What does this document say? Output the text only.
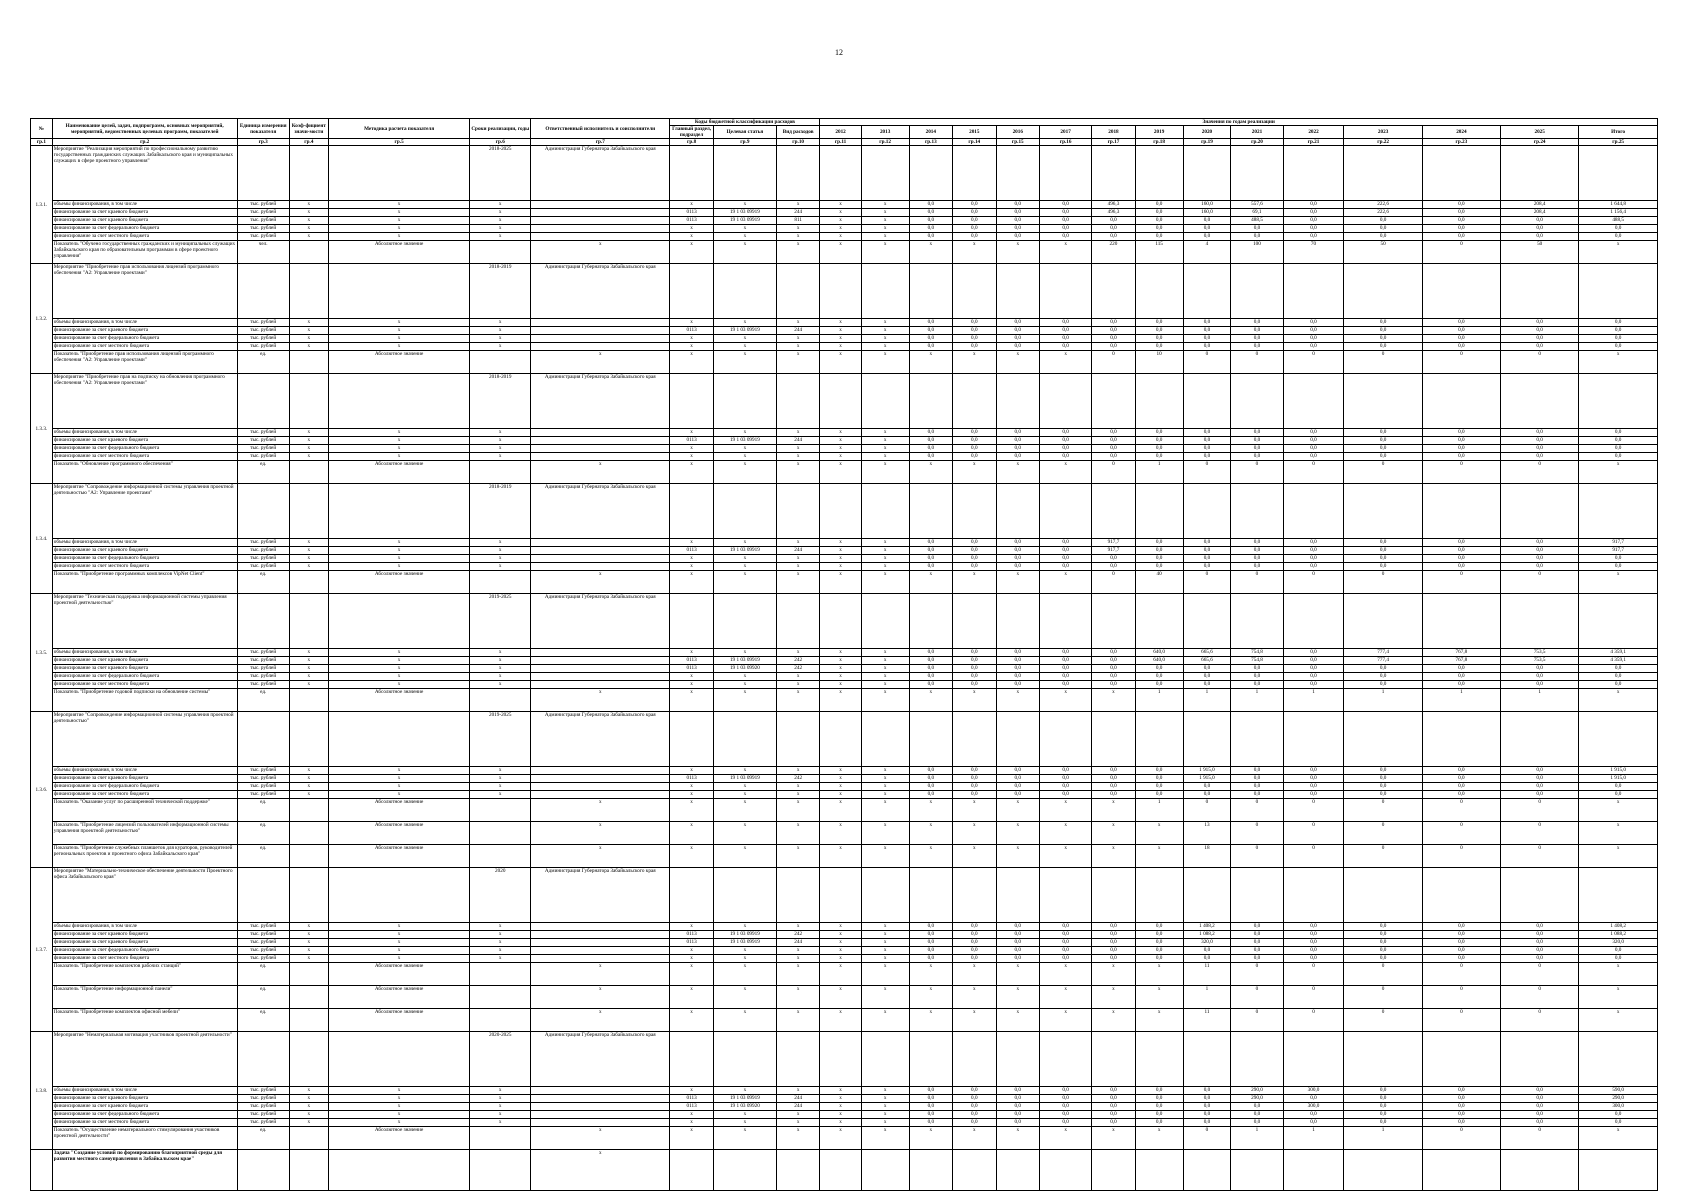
12
№	Наименование целей, задач, подпрограмм, основных мероприятий, мероприятий, ведомственных целевых программ, показателей	Единица измерения показателя	Коэф-фициент значи-мости	Методика расчета показателя	Сроки реализации, годы	Ответственный исполнитель и соисполнители	Коды бюджетной классификации расходов			Значения по годам реализации														
							Главный раздел, подраздел	Целевая статья	Вид расходов	2012	2013	2014	2015	2016	2017	2018	2019	2020	2021	2022	2023	2024	2025	Итого
гр.1	гр.2	гр.3	гр.4	гр.5	гр.6	гр.7	гр.8	гр.9	гр.10	гр.11	гр.12	гр.13	гр.14	гр.15	гр.16	гр.17	гр.18	гр.19	гр.20	гр.21	гр.22	гр.23	гр.24	гр.25
1.3.1.	Мероприятие "Реализация мероприятий по профессиональному развитию государственных гражданских служащих Забайкальского края и муниципальных служащих в сфере проектного управления"				2018-2025	Администрация Губернатора Забайкальского края																		
	объемы финансирования, в том числе	тыс. рублей	х	х	х		х	х	х	х	х	0,0	0,0	0,0	0,0	496,3	0,0	160,0	557,6	0,0	222,6	0,0	208,4	1 644,8
	финансирование за счет краевого бюджета	тыс. рублей	х	х	х		0113	19 1 03 09919	244	х	х	0,0	0,0	0,0	0,0	496,3	0,0	160,0	69,1	0,0	222,6	0,0	208,4	1 156,4
	финансирование за счет краевого бюджета	тыс. рублей	х	х	х		0113	19 1 03 09919	811	х	х	0,0	0,0	0,0	0,0	0,0	0,0	0,0	488,5	0,0	0,0	0,0	0,0	488,5
	финансирование за счет федерального бюджета	тыс. рублей	х	х	х		х	х	х	х	х	0,0	0,0	0,0	0,0	0,0	0,0	0,0	0,0	0,0	0,0	0,0	0,0	0,0
	финансирование за счет местного бюджета	тыс. рублей	х	х	х		х	х	х	х	х	0,0	0,0	0,0	0,0	0,0	0,0	0,0	0,0	0,0	0,0	0,0	0,0	0,0
	Показатель "Обучено государственных гражданских и муниципальных служащих Забайкальского края по образовательным программам в сфере проектного управления"	чел.		Абсолютное значение		х	х	х	х	х	х	х	х	х	х	220	115	4	100	70	50	0	50	х
1.3.2.	Мероприятие "Приобретение прав использования лицензий программного обеспечения "А2: Управление проектами"				2018-2019	Администрация Губернатора Забайкальского края																		
	объемы финансирования, в том числе	тыс. рублей	х	х	х		х	х	х	х	х	0,0	0,0	0,0	0,0	0,0	0,0	0,0	0,0	0,0	0,0	0,0	0,0	0,0
	финансирование за счет краевого бюджета	тыс. рублей	х	х	х		0113	19 1 03 09919	244	х	х	0,0	0,0	0,0	0,0	0,0	0,0	0,0	0,0	0,0	0,0	0,0	0,0	0,0
	финансирование за счет федерального бюджета	тыс. рублей	х	х	х		х	х	х	х	х	0,0	0,0	0,0	0,0	0,0	0,0	0,0	0,0	0,0	0,0	0,0	0,0	0,0
	финансирование за счет местного бюджета	тыс. рублей	х	х	х		х	х	х	х	х	0,0	0,0	0,0	0,0	0,0	0,0	0,0	0,0	0,0	0,0	0,0	0,0	0,0
	Показатель "Приобретение прав использования лицензий программного обеспечения "А2: Управление проектами"	ед.		Абсолютное значение		х	х	х	х	х	х	х	х	х	х	0	10	0	0	0	0	0	0	х
1.3.3.	Мероприятие "Приобретение прав на подписку на обновления программного обеспечения "А2: Управление проектами"				2018-2019	Администрация Губернатора Забайкальского края																		
	объемы финансирования, в том числе	тыс. рублей	х	х	х		х	х	х	х	х	0,0	0,0	0,0	0,0	0,0	0,0	0,0	0,0	0,0	0,0	0,0	0,0	0,0
	финансирование за счет краевого бюджета	тыс. рублей	х	х	х		0113	19 1 03 09919	244	х	х	0,0	0,0	0,0	0,0	0,0	0,0	0,0	0,0	0,0	0,0	0,0	0,0	0,0
	финансирование за счет федерального бюджета	тыс. рублей	х	х	х		х	х	х	х	х	0,0	0,0	0,0	0,0	0,0	0,0	0,0	0,0	0,0	0,0	0,0	0,0	0,0
	финансирование за счет местного бюджета	тыс. рублей	х	х	х		х	х	х	х	х	0,0	0,0	0,0	0,0	0,0	0,0	0,0	0,0	0,0	0,0	0,0	0,0	0,0
	Показатель "Обновление программного обеспечения"	ед.		Абсолютное значение		х	х	х	х	х	х	х	х	х	х	0	1	0	0	0	0	0	0	х
1.3.4.	Мероприятие "Сопровождение информационной системы управления проектной деятельностью "А2: Управление проектами"				2018-2019	Администрация Губернатора Забайкальского края																		
	объемы финансирования, в том числе	тыс. рублей	х	х	х		х	х	х	х	х	0,0	0,0	0,0	0,0	917,7	0,0	0,0	0,0	0,0	0,0	0,0	0,0	917,7
	финансирование за счет краевого бюджета	тыс. рублей	х	х	х		0113	19 1 03 09919	244	х	х	0,0	0,0	0,0	0,0	917,7	0,0	0,0	0,0	0,0	0,0	0,0	0,0	917,7
	финансирование за счет федерального бюджета	тыс. рублей	х	х	х		х	х	х	х	х	0,0	0,0	0,0	0,0	0,0	0,0	0,0	0,0	0,0	0,0	0,0	0,0	0,0
	финансирование за счет местного бюджета	тыс. рублей	х	х	х		х	х	х	х	х	0,0	0,0	0,0	0,0	0,0	0,0	0,0	0,0	0,0	0,0	0,0	0,0	0,0
	Показатель "Приобретение программных комплексов VipNet Client"	ед.		Абсолютное значение		х	х	х	х	х	х	х	х	х	х	0	40	0	0	0	0	0	0	х
1.3.5.	Мероприятие "Техническая поддержка информационной системы управления проектной деятельностью"				2019-2025	Администрация Губернатора Забайкальского края																		
	объемы финансирования, в том числе	тыс. рублей	х	х	х		х	х	х	х	х	0,0	0,0	0,0	0,0	0,0	640,0	665,6	754,8	0,0	777,4	767,8	753,5	4 359,1
	финансирование за счет краевого бюджета	тыс. рублей	х	х	х		0113	19 1 03 09919	242	х	х	0,0	0,0	0,0	0,0	0,0	640,0	665,6	754,8	0,0	777,4	767,8	753,5	4 359,1
	финансирование за счет краевого бюджета	тыс. рублей	х	х	х		0113	19 1 03 09920	242	х	х	0,0	0,0	0,0	0,0	0,0	0,0	0,0	0,0	0,0	0,0	0,0	0,0	0,0
	финансирование за счет федерального бюджета	тыс. рублей	х	х	х		х	х	х	х	х	0,0	0,0	0,0	0,0	0,0	0,0	0,0	0,0	0,0	0,0	0,0	0,0	0,0
	финансирование за счет местного бюджета	тыс. рублей	х	х	х		х	х	х	х	х	0,0	0,0	0,0	0,0	0,0	0,0	0,0	0,0	0,0	0,0	0,0	0,0	0,0
	Показатель "Приобретение годовой подписки на обновление системы"	ед.		Абсолютное значение		х	х	х	х	х	х	х	х	х	х	х	1	1	1	1	1	1	1	х
1.3.6.	Мероприятие "Сопровождение информационной системы управления проектной деятельностью"				2019-2025	Администрация Губернатора Забайкальского края																		
	объемы финансирования, в том числе	тыс. рублей	х	х	х		х	х	х	х	х	0,0	0,0	0,0	0,0	0,0	0,0	1 915,0	0,0	0,0	0,0	0,0	0,0	1 915,0
	финансирование за счет краевого бюджета	тыс. рублей	х	х	х		0113	19 1 03 09919	242	х	х	0,0	0,0	0,0	0,0	0,0	0,0	1 915,0	0,0	0,0	0,0	0,0	0,0	1 915,0
	финансирование за счет федерального бюджета	тыс. рублей	х	х	х		х	х	х	х	х	0,0	0,0	0,0	0,0	0,0	0,0	0,0	0,0	0,0	0,0	0,0	0,0	0,0
	финансирование за счет местного бюджета	тыс. рублей	х	х	х		х	х	х	х	х	0,0	0,0	0,0	0,0	0,0	0,0	0,0	0,0	0,0	0,0	0,0	0,0	0,0
	Показатель "Оказание услуг по расширенной технической поддержке"	ед.		Абсолютное значение		х	х	х	х	х	х	х	х	х	х	х	1	0	0	0	0	0	0	х
	Показатель "Приобретение лицензий пользователей информационной системы управления проектной деятельностью"	ед.		Абсолютное значение		х	х	х	х	х	х	х	х	х	х	х	х	13	0	0	0	0	0	х
	Показатель "Приобретение служебных планшетов для кураторов, руководителей региональных проектов и проектного офиса Забайкальского края"	ед.		Абсолютное значение		х	х	х	х	х	х	х	х	х	х	х	х	18	0	0	0	0	0	х
1.3.7.	Мероприятие "Материально-техническое обеспечение деятельности Проектного офиса Забайкальского края"				2020	Администрация Губернатора Забайкальского края																		
	объемы финансирования, в том числе	тыс. рублей	х	х	х		х	х	х	х	х	0,0	0,0	0,0	0,0	0,0	0,0	1 408,2	0,0	0,0	0,0	0,0	0,0	1 408,2
	финансирование за счет краевого бюджета	тыс. рублей	х	х	х		0113	19 1 03 09919	242	х	х	0,0	0,0	0,0	0,0	0,0	0,0	1 088,2	0,0	0,0	0,0	0,0	0,0	1 088,2
	финансирование за счет краевого бюджета	тыс. рублей	х	х	х		0113	19 1 03 09919	244	х	х	0,0	0,0	0,0	0,0	0,0	0,0	320,0	0,0	0,0	0,0	0,0	0,0	320,0
	финансирование за счет федерального бюджета	тыс. рублей	х	х	х		х	х	х	х	х	0,0	0,0	0,0	0,0	0,0	0,0	0,0	0,0	0,0	0,0	0,0	0,0	0,0
	финансирование за счет местного бюджета	тыс. рублей	х	х	х		х	х	х	х	х	0,0	0,0	0,0	0,0	0,0	0,0	0,0	0,0	0,0	0,0	0,0	0,0	0,0
	Показатель "Приобретение комплектов рабочих станций"	ед.		Абсолютное значение		х	х	х	х	х	х	х	х	х	х	х	х	11	0	0	0	0	0	х
	Показатель "Приобретение информационной панели"	ед.		Абсолютное значение		х	х	х	х	х	х	х	х	х	х	х	х	1	0	0	0	0	0	х
	Показатель "Приобретение комплектов офисной мебели"	ед.		Абсолютное значение		х	х	х	х	х	х	х	х	х	х	х	х	11	0	0	0	0	0	х
1.3.8.	Мероприятие "Нематериальная мотивация участников проектной деятельности"				2020-2025	Администрация Губернатора Забайкальского края																		
	объемы финансирования, в том числе	тыс. рублей	х	х	х		х	х	х	х	х	0,0	0,0	0,0	0,0	0,0	0,0	0,0	290,0	300,0	0,0	0,0	0,0	590,0
	финансирование за счет краевого бюджета	тыс. рублей	х	х	х		0113	19 1 03 09919	244	х	х	0,0	0,0	0,0	0,0	0,0	0,0	0,0	290,0	0,0	0,0	0,0	0,0	290,0
	финансирование за счет краевого бюджета	тыс. рублей	х	х	х		0113	19 1 03 09920	244	х	х	0,0	0,0	0,0	0,0	0,0	0,0	0,0	0,0	300,0	0,0	0,0	0,0	300,0
	финансирование за счет федерального бюджета	тыс. рублей	х	х	х		х	х	х	х	х	0,0	0,0	0,0	0,0	0,0	0,0	0,0	0,0	0,0	0,0	0,0	0,0	0,0
	финансирование за счет местного бюджета	тыс. рублей	х	х	х		х	х	х	х	х	0,0	0,0	0,0	0,0	0,0	0,0	0,0	0,0	0,0	0,0	0,0	0,0	0,0
	Показатель "Осуществление нематериального стимулирования участников проектной деятельности"	ед.		Абсолютное значение		х	х	х	х	х	х	х	х	х	х	х	х	0	1	1	1	0	0	х
	Задача "Создание условий по формированию благоприятной среды для развития местного самоуправления в Забайкальском крае"					х																		
